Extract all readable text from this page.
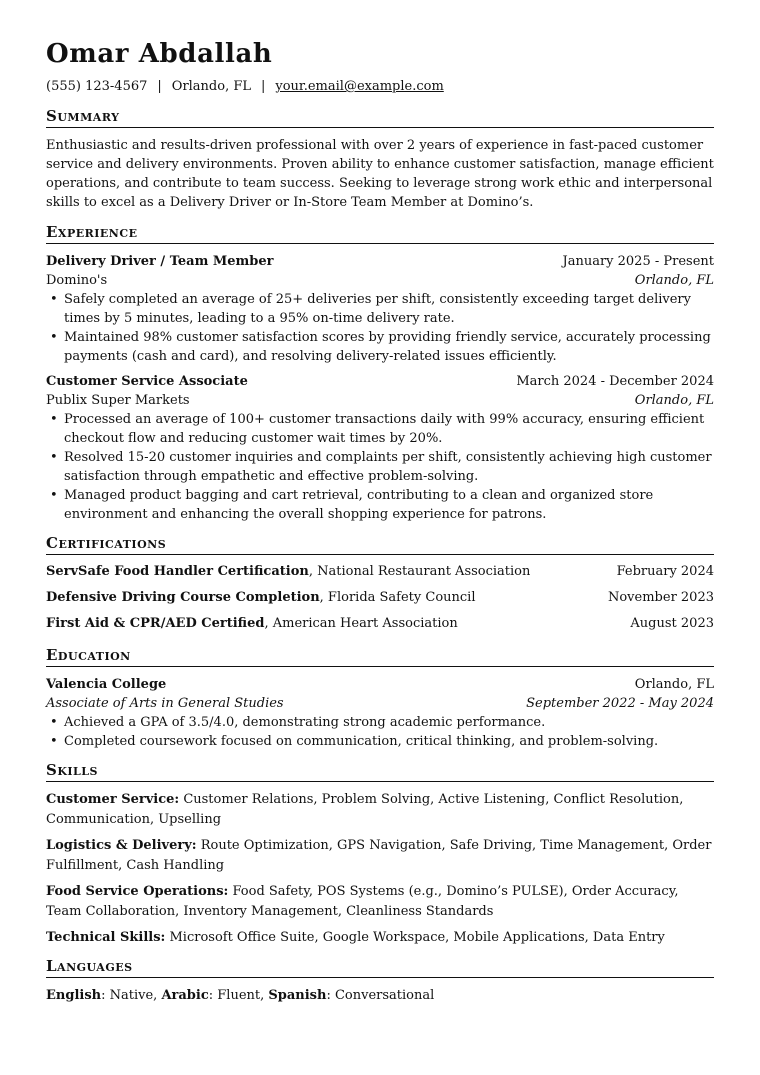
Omar Abdallah
(555) 123-4567 | Orlando, FL | your.email@example.com
Summary
Enthusiastic and results-driven professional with over 2 years of experience in fast-paced customer service and delivery environments. Proven ability to enhance customer satisfaction, manage efficient operations, and contribute to team success. Seeking to leverage strong work ethic and interpersonal skills to excel as a Delivery Driver or In-Store Team Member at Domino’s.
Experience
Delivery Driver / Team Member	January 2025 - Present
Domino's	Orlando, FL
• Safely completed an average of 25+ deliveries per shift, consistently exceeding target delivery times by 5 minutes, leading to a 95% on-time delivery rate.
• Maintained 98% customer satisfaction scores by providing friendly service, accurately processing payments (cash and card), and resolving delivery-related issues efficiently.
Customer Service Associate	March 2024 - December 2024
Publix Super Markets	Orlando, FL
• Processed an average of 100+ customer transactions daily with 99% accuracy, ensuring efficient checkout flow and reducing customer wait times by 20%.
• Resolved 15-20 customer inquiries and complaints per shift, consistently achieving high customer satisfaction through empathetic and effective problem-solving.
• Managed product bagging and cart retrieval, contributing to a clean and organized store environment and enhancing the overall shopping experience for patrons.
Certifications
ServSafe Food Handler Certification, National Restaurant Association	February 2024
Defensive Driving Course Completion, Florida Safety Council	November 2023
First Aid & CPR/AED Certified, American Heart Association	August 2023
Education
Valencia College	Orlando, FL
Associate of Arts in General Studies	September 2022 - May 2024
• Achieved a GPA of 3.5/4.0, demonstrating strong academic performance.
• Completed coursework focused on communication, critical thinking, and problem-solving.
Skills

Customer Service: Customer Relations, Problem Solving, Active Listening, Conflict Resolution, Communication, Upselling

Logistics & Delivery: Route Optimization, GPS Navigation, Safe Driving, Time Management, Order Fulfillment, Cash Handling

Food Service Operations: Food Safety, POS Systems (e.g., Domino’s PULSE), Order Accuracy, Team Collaboration, Inventory Management, Cleanliness Standards

Technical Skills: Microsoft Office Suite, Google Workspace, Mobile Applications, Data Entry

Languages
English: Native, Arabic: Fluent, Spanish: Conversational
